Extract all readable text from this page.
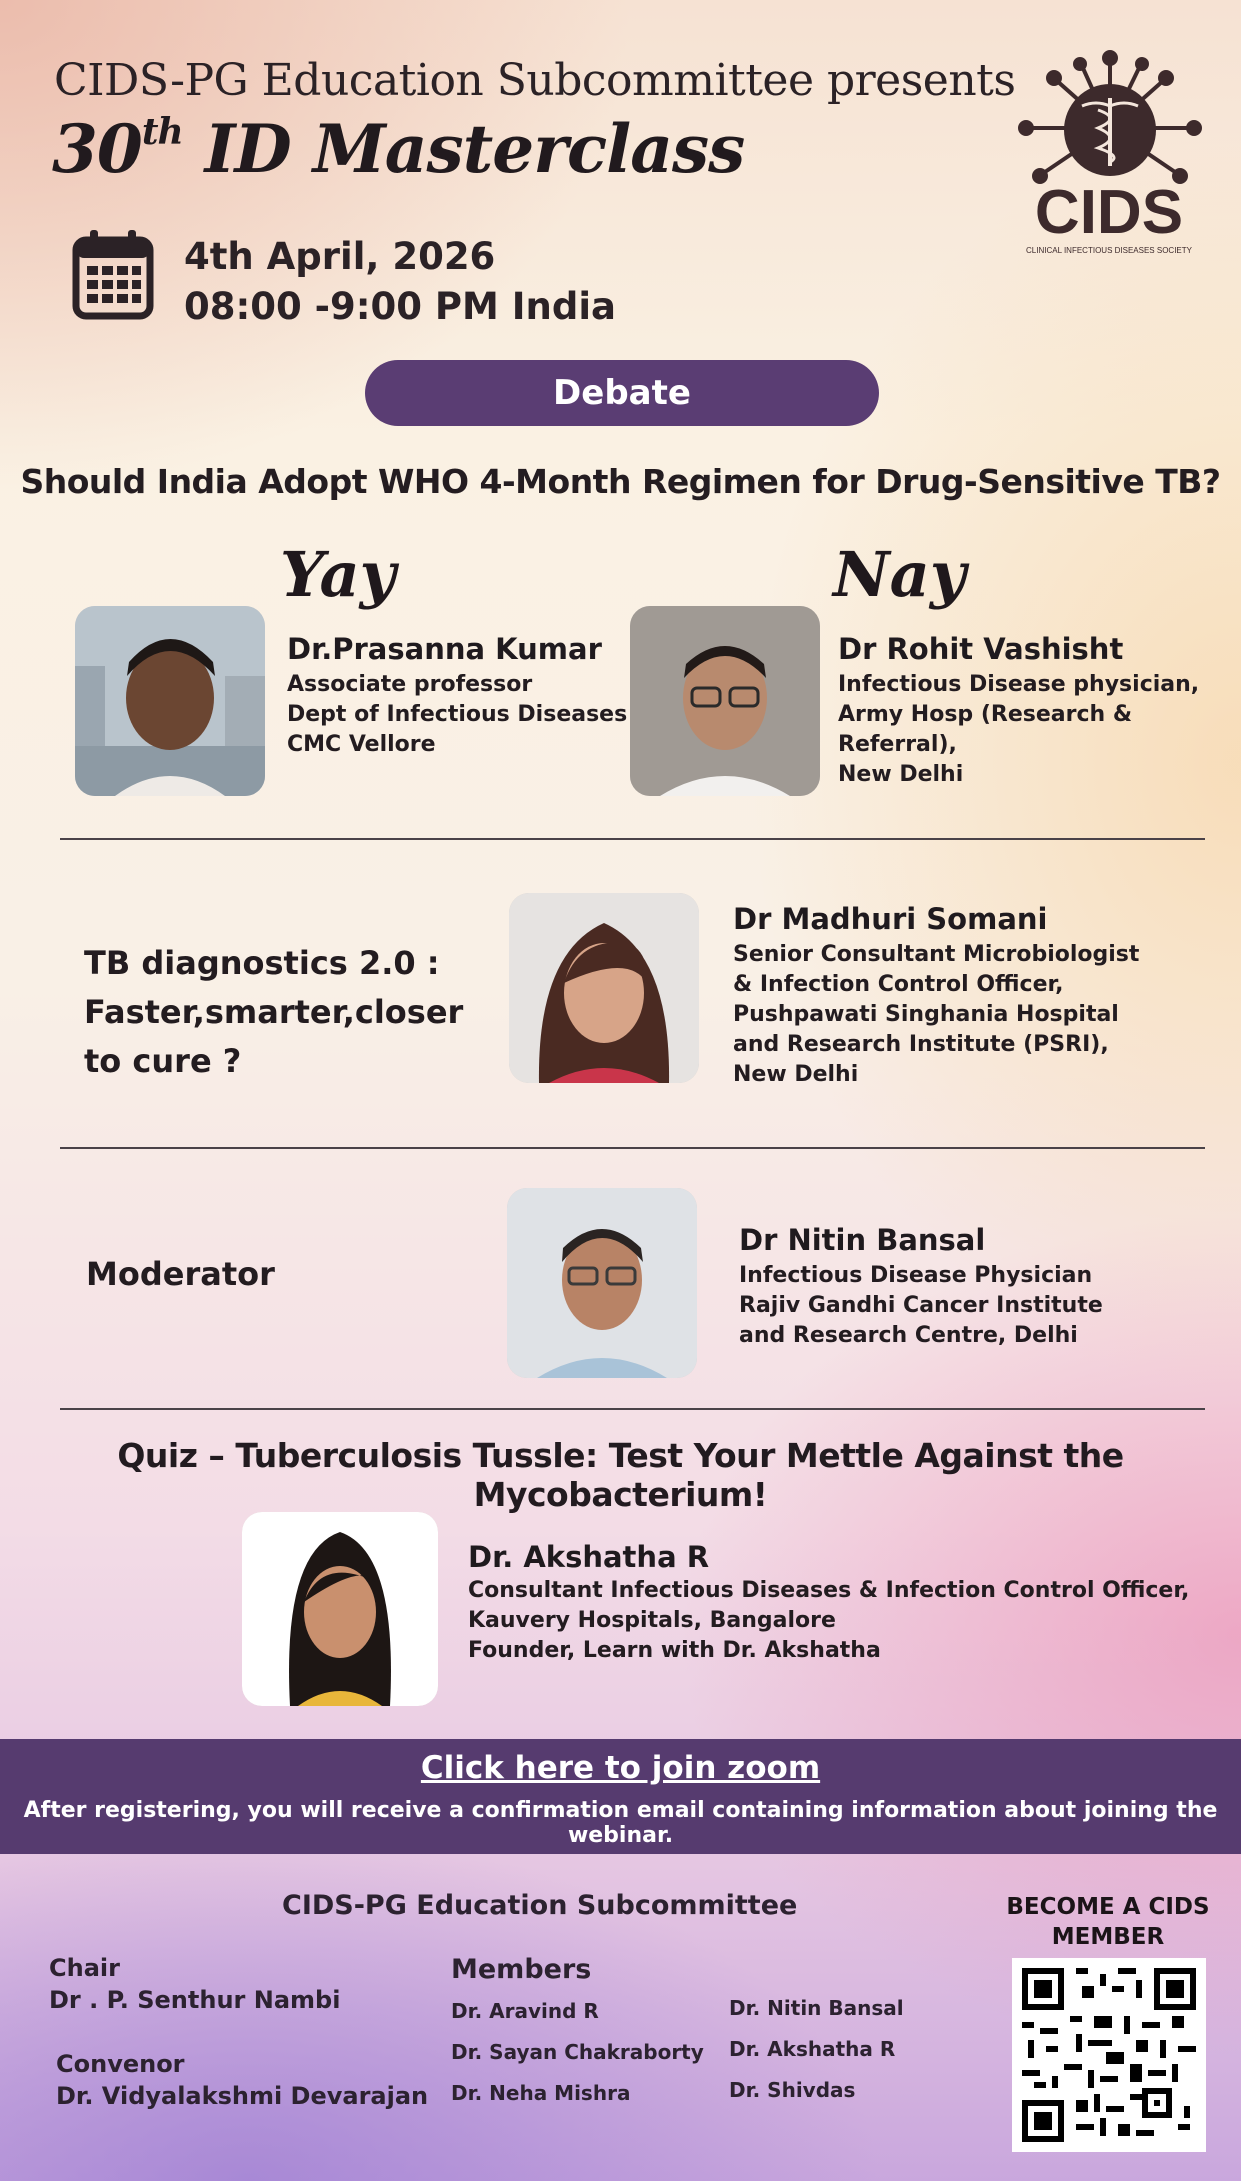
CIDS-PG Education Subcommittee presents
30th ID Masterclass
4th April, 2026
08:00 -9:00 PM India
CIDS
CLINICAL INFECTIOUS DISEASES SOCIETY
Debate
Should India Adopt WHO 4-Month Regimen for Drug-Sensitive TB?
Yay	Nay
Dr.Prasanna Kumar
Associate professor
Dept of Infectious Diseases
CMC Vellore
Dr Rohit Vashisht
Infectious Disease physician,
Army Hosp (Research & Referral),
New Delhi
TB diagnostics 2.0 :
Faster,smarter,closer
to cure ?
Dr Madhuri Somani
Senior Consultant Microbiologist
& Infection Control Officer,
Pushpawati Singhania Hospital
and Research Institute (PSRI),
New Delhi
Moderator
Dr Nitin Bansal
Infectious Disease Physician
Rajiv Gandhi Cancer Institute
and Research Centre, Delhi
Quiz – Tuberculosis Tussle: Test Your Mettle Against the Mycobacterium!
Dr. Akshatha R
Consultant Infectious Diseases & Infection Control Officer,
Kauvery Hospitals, Bangalore
Founder, Learn with Dr. Akshatha
Click here to join zoom
After registering, you will receive a confirmation email containing information about joining the webinar.
CIDS-PG Education Subcommittee
Chair
Dr . P. Senthur Nambi
Convenor
Dr. Vidyalakshmi Devarajan
Members
Dr. Aravind R
Dr. Sayan Chakraborty
Dr. Neha Mishra
Dr. Nitin Bansal
Dr. Akshatha R
Dr. Shivdas
BECOME A CIDS
MEMBER
